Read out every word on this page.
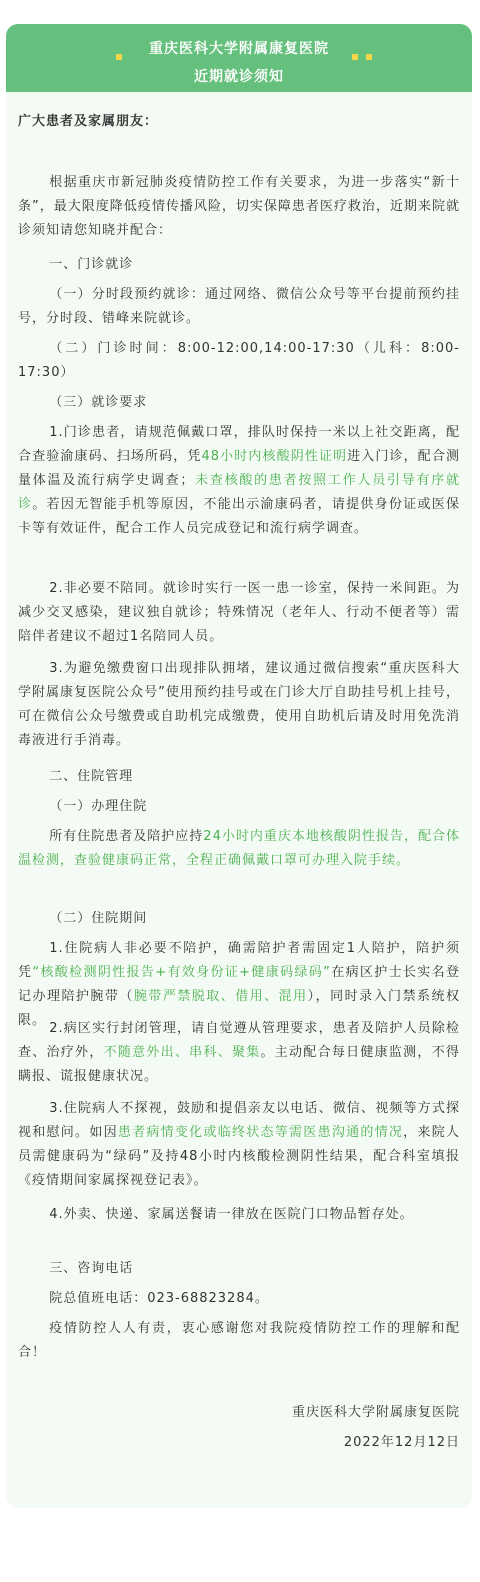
重庆医科大学附属康复医院
近期就诊须知

广大患者及家属朋友：

根据重庆市新冠肺炎疫情防控工作有关要求，为进一步落实“新十条”，最大限度降低疫情传播风险，切实保障患者医疗救治，近期来院就诊须知请您知晓并配合：

一、门诊就诊

（一）分时段预约就诊：通过网络、微信公众号等平台提前预约挂号，分时段、错峰来院就诊。

（二）门诊时间：8:00-12:00,14:00-17:30（儿科：8:00-17:30）

（三）就诊要求

1.门诊患者，请规范佩戴口罩，排队时保持一米以上社交距离，配合查验渝康码、扫场所码，凭48小时内核酸阴性证明进入门诊，配合测量体温及流行病学史调查；未查核酸的患者按照工作人员引导有序就诊。若因无智能手机等原因，不能出示渝康码者，请提供身份证或医保卡等有效证件，配合工作人员完成登记和流行病学调查。

2.非必要不陪同。就诊时实行一医一患一诊室，保持一米间距。为减少交叉感染，建议独自就诊；特殊情况（老年人、行动不便者等）需陪伴者建议不超过1名陪同人员。

3.为避免缴费窗口出现排队拥堵，建议通过微信搜索“重庆医科大学附属康复医院公众号”使用预约挂号或在门诊大厅自助挂号机上挂号，可在微信公众号缴费或自助机完成缴费，使用自助机后请及时用免洗消毒液进行手消毒。

二、住院管理

（一）办理住院

所有住院患者及陪护应持24小时内重庆本地核酸阴性报告，配合体温检测，查验健康码正常，全程正确佩戴口罩可办理入院手续。

（二）住院期间

1.住院病人非必要不陪护，确需陪护者需固定1人陪护，陪护须凭“核酸检测阴性报告+有效身份证+健康码绿码”在病区护士长实名登记办理陪护腕带（腕带严禁脱取、借用、混用），同时录入门禁系统权限。

2.病区实行封闭管理，请自觉遵从管理要求，患者及陪护人员除检查、治疗外，不随意外出、串科、聚集。主动配合每日健康监测，不得瞒报、谎报健康状况。

3.住院病人不探视，鼓励和提倡亲友以电话、微信、视频等方式探视和慰问。如因患者病情变化或临终状态等需医患沟通的情况，来院人员需健康码为“绿码”及持48小时内核酸检测阴性结果，配合科室填报《疫情期间家属探视登记表》。

4.外卖、快递、家属送餐请一律放在医院门口物品暂存处。

三、咨询电话

院总值班电话：023-68823284。

疫情防控人人有责，衷心感谢您对我院疫情防控工作的理解和配合！

重庆医科大学附属康复医院

2022年12月12日
